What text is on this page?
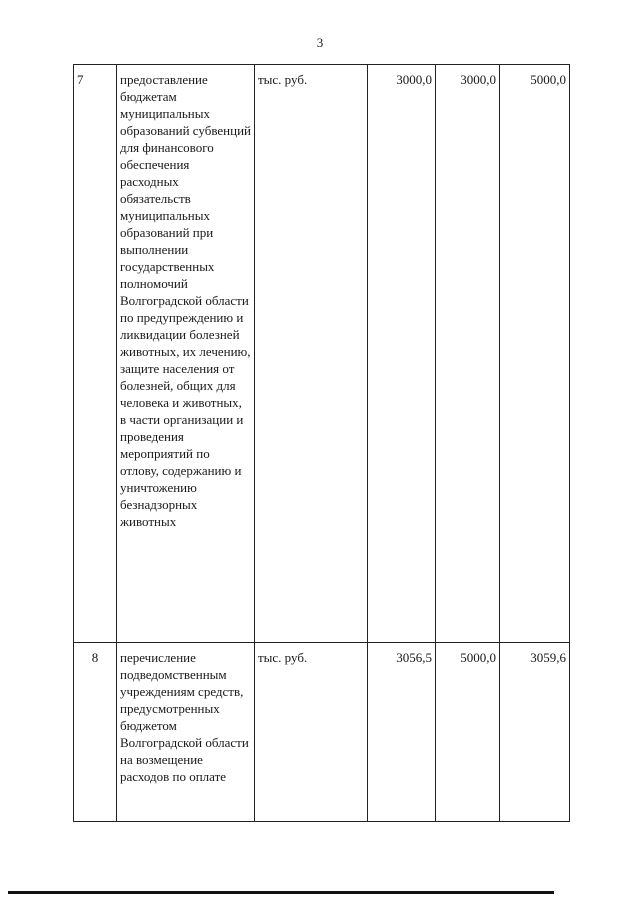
3
7	предоставление бюджетам муниципальных образований субвенций для финансового обеспечения расходных обязательств муниципальных образований при выполнении государственных полномочий Волгоградской области по предупреждению и ликвидации болезней животных, их лечению, защите населения от болезней, общих для человека и животных, в части организации и проведения мероприятий по отлову, содержанию и уничтожению безнадзорных животных	тыс. руб.	3000,0	3000,0	5000,0
8	перечисление подведомственным учреждениям средств, предусмотренных бюджетом Волгоградской области на возмещение расходов по оплате	тыс. руб.	3056,5	5000,0	3059,6
